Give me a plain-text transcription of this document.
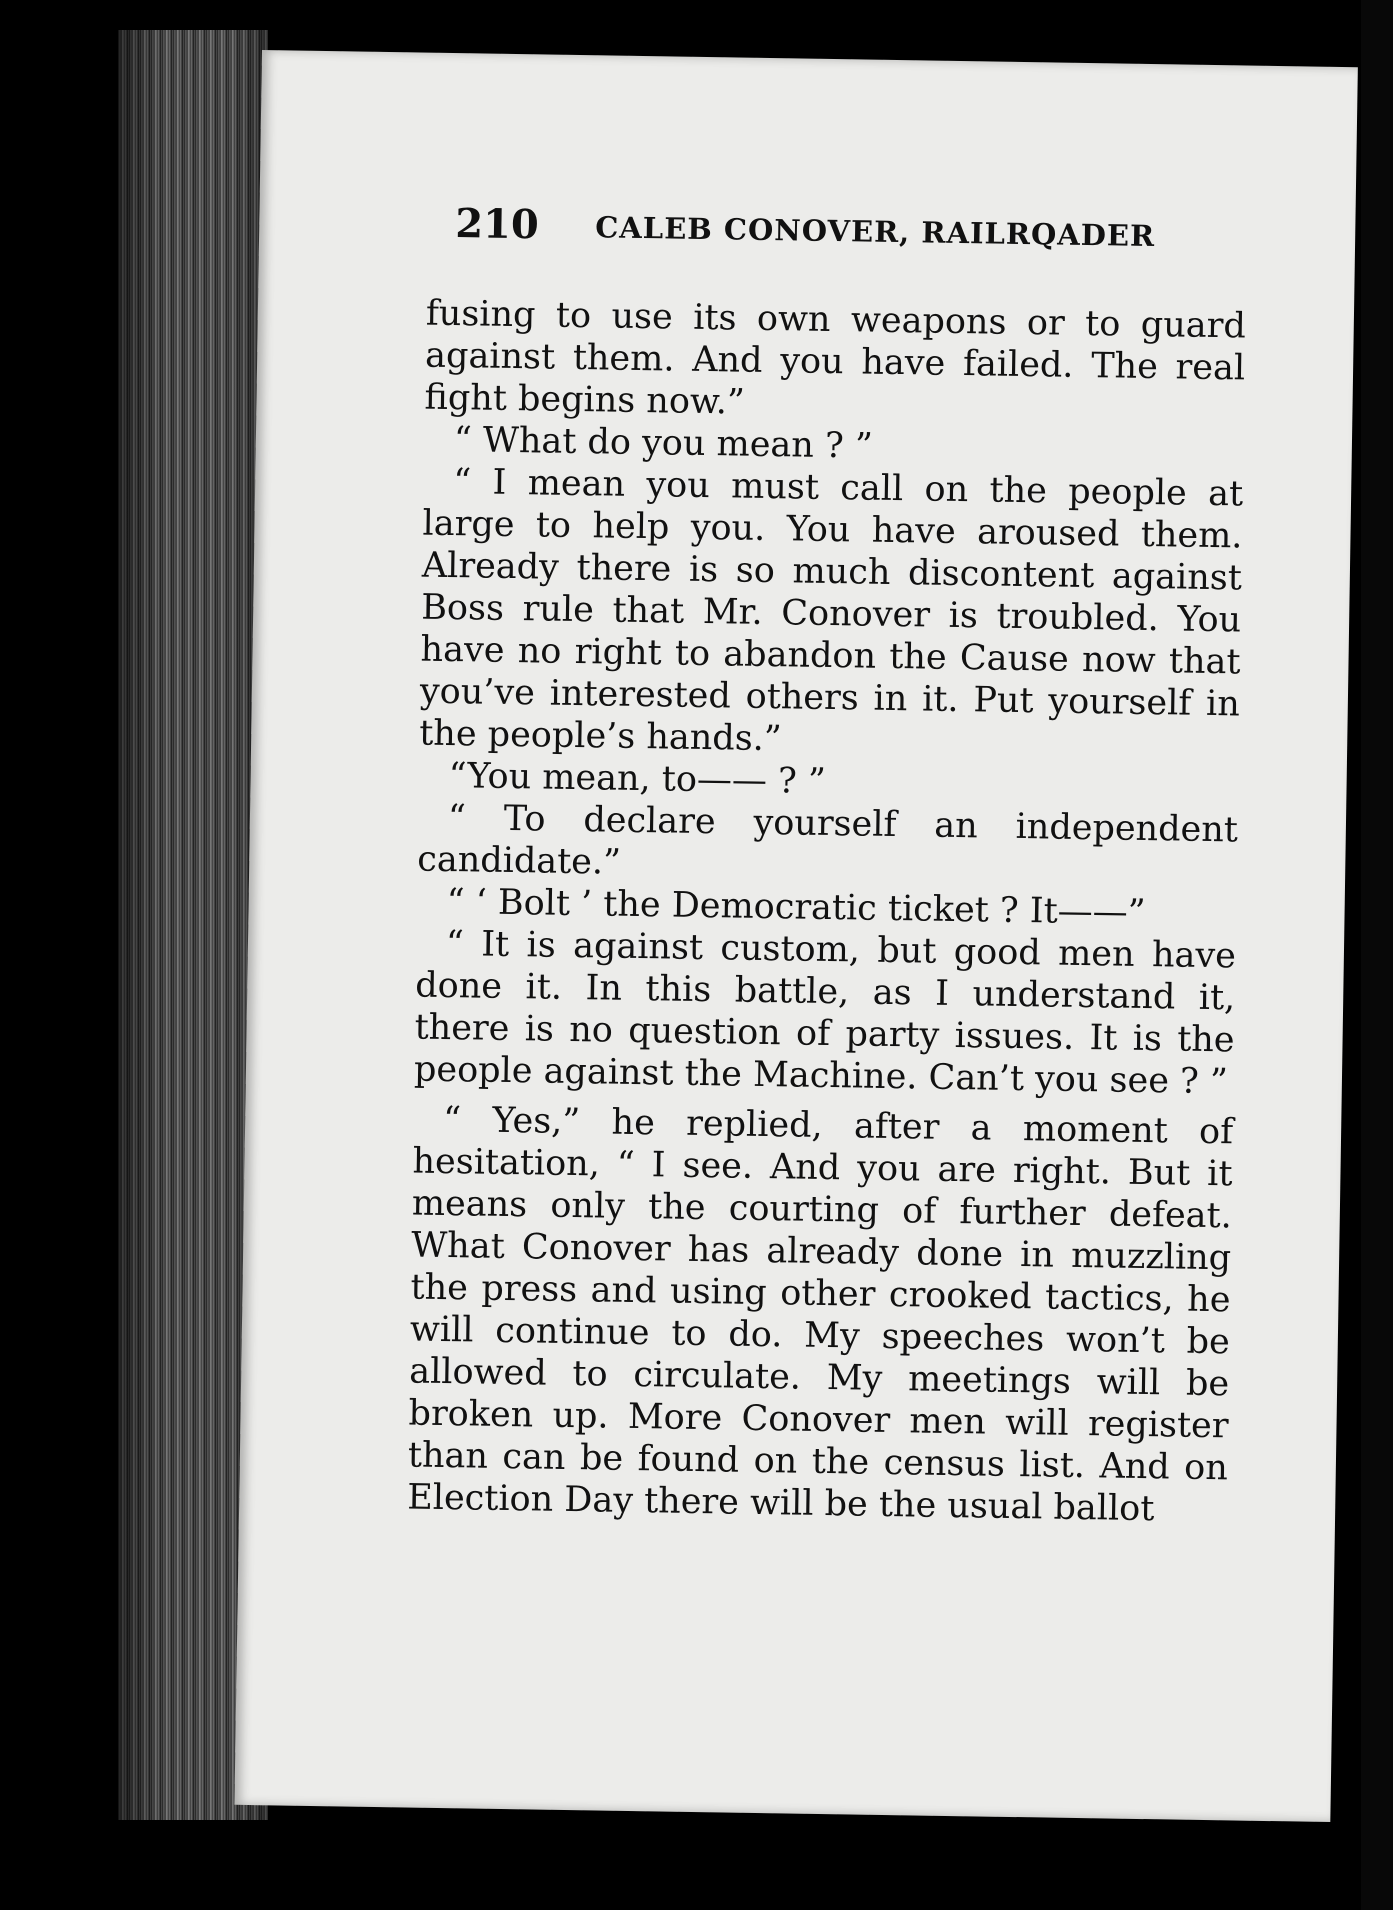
210 CALEB CONOVER, RAILRQADER

fusing to use its own weapons or to guard against them. And you have failed. The real fight begins now.”

“ What do you mean ? ”

“ I mean you must call on the people at large to help you. You have aroused them. Already there is so much discontent against Boss rule that Mr. Conover is troubled. You have no right to abandon the Cause now that you’ve interested others in it. Put yourself in the people’s hands.”

“You mean, to—— ? ”

“ To declare yourself an independent candidate.”

“ ‘ Bolt ’ the Democratic ticket ? It——”

“ It is against custom, but good men have done it. In this battle, as I understand it, there is no question of party issues. It is the people against the Machine. Can’t you see ? ”

“ Yes,” he replied, after a moment of hesitation, “ I see. And you are right. But it means only the courting of further defeat. What Conover has already done in muzzling the press and using other crooked tactics, he will continue to do. My speeches won’t be allowed to circulate. My meetings will be broken up. More Conover men will register than can be found on the census list. And on Election Day there will be the usual ballot
